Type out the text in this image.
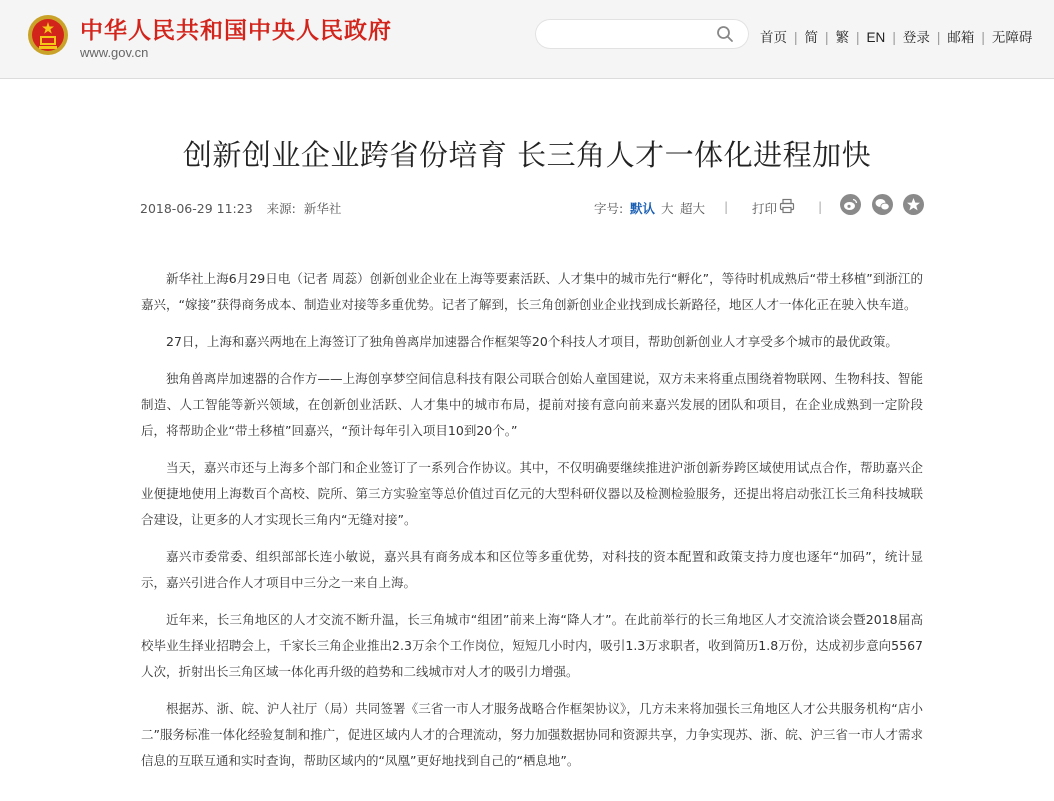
中华人民共和国中央人民政府
www.gov.cn
首页 | 简 | 繁 | EN | 登录 | 邮箱 | 无障碍
创新创业企业跨省份培育 长三角人才一体化进程加快
2018-06-29 11:23 来源: 新华社	字号: 默认 大 超大 | 打印	|

新华社上海6月29日电（记者 周蕊）创新创业企业在上海等要素活跃、人才集中的城市先行“孵化”，等待时机成熟后“带土移植”到浙江的嘉兴，“嫁接”获得商务成本、制造业对接等多重优势。记者了解到，长三角创新创业企业找到成长新路径，地区人才一体化正在驶入快车道。

27日，上海和嘉兴两地在上海签订了独角兽离岸加速器合作框架等20个科技人才项目，帮助创新创业人才享受多个城市的最优政策。

独角兽离岸加速器的合作方——上海创享梦空间信息科技有限公司联合创始人童国建说，双方未来将重点围绕着物联网、生物科技、智能制造、人工智能等新兴领域，在创新创业活跃、人才集中的城市布局，提前对接有意向前来嘉兴发展的团队和项目，在企业成熟到一定阶段后，将帮助企业“带土移植”回嘉兴，“预计每年引入项目10到20个。”

当天，嘉兴市还与上海多个部门和企业签订了一系列合作协议。其中，不仅明确要继续推进沪浙创新券跨区域使用试点合作，帮助嘉兴企业便捷地使用上海数百个高校、院所、第三方实验室等总价值过百亿元的大型科研仪器以及检测检验服务，还提出将启动张江长三角科技城联合建设，让更多的人才实现长三角内“无缝对接”。

嘉兴市委常委、组织部部长连小敏说，嘉兴具有商务成本和区位等多重优势，对科技的资本配置和政策支持力度也逐年“加码”，统计显示，嘉兴引进合作人才项目中三分之一来自上海。

近年来，长三角地区的人才交流不断升温，长三角城市“组团”前来上海“降人才”。在此前举行的长三角地区人才交流洽谈会暨2018届高校毕业生择业招聘会上，千家长三角企业推出2.3万余个工作岗位，短短几小时内，吸引1.3万求职者，收到简历1.8万份，达成初步意向5567人次，折射出长三角区域一体化再升级的趋势和二线城市对人才的吸引力增强。

根据苏、浙、皖、沪人社厅（局）共同签署《三省一市人才服务战略合作框架协议》，几方未来将加强长三角地区人才公共服务机构“店小二”服务标准一体化经验复制和推广，促进区域内人才的合理流动，努力加强数据协同和资源共享，力争实现苏、浙、皖、沪三省一市人才需求信息的互联互通和实时查询，帮助区域内的“凤凰”更好地找到自己的“栖息地”。
